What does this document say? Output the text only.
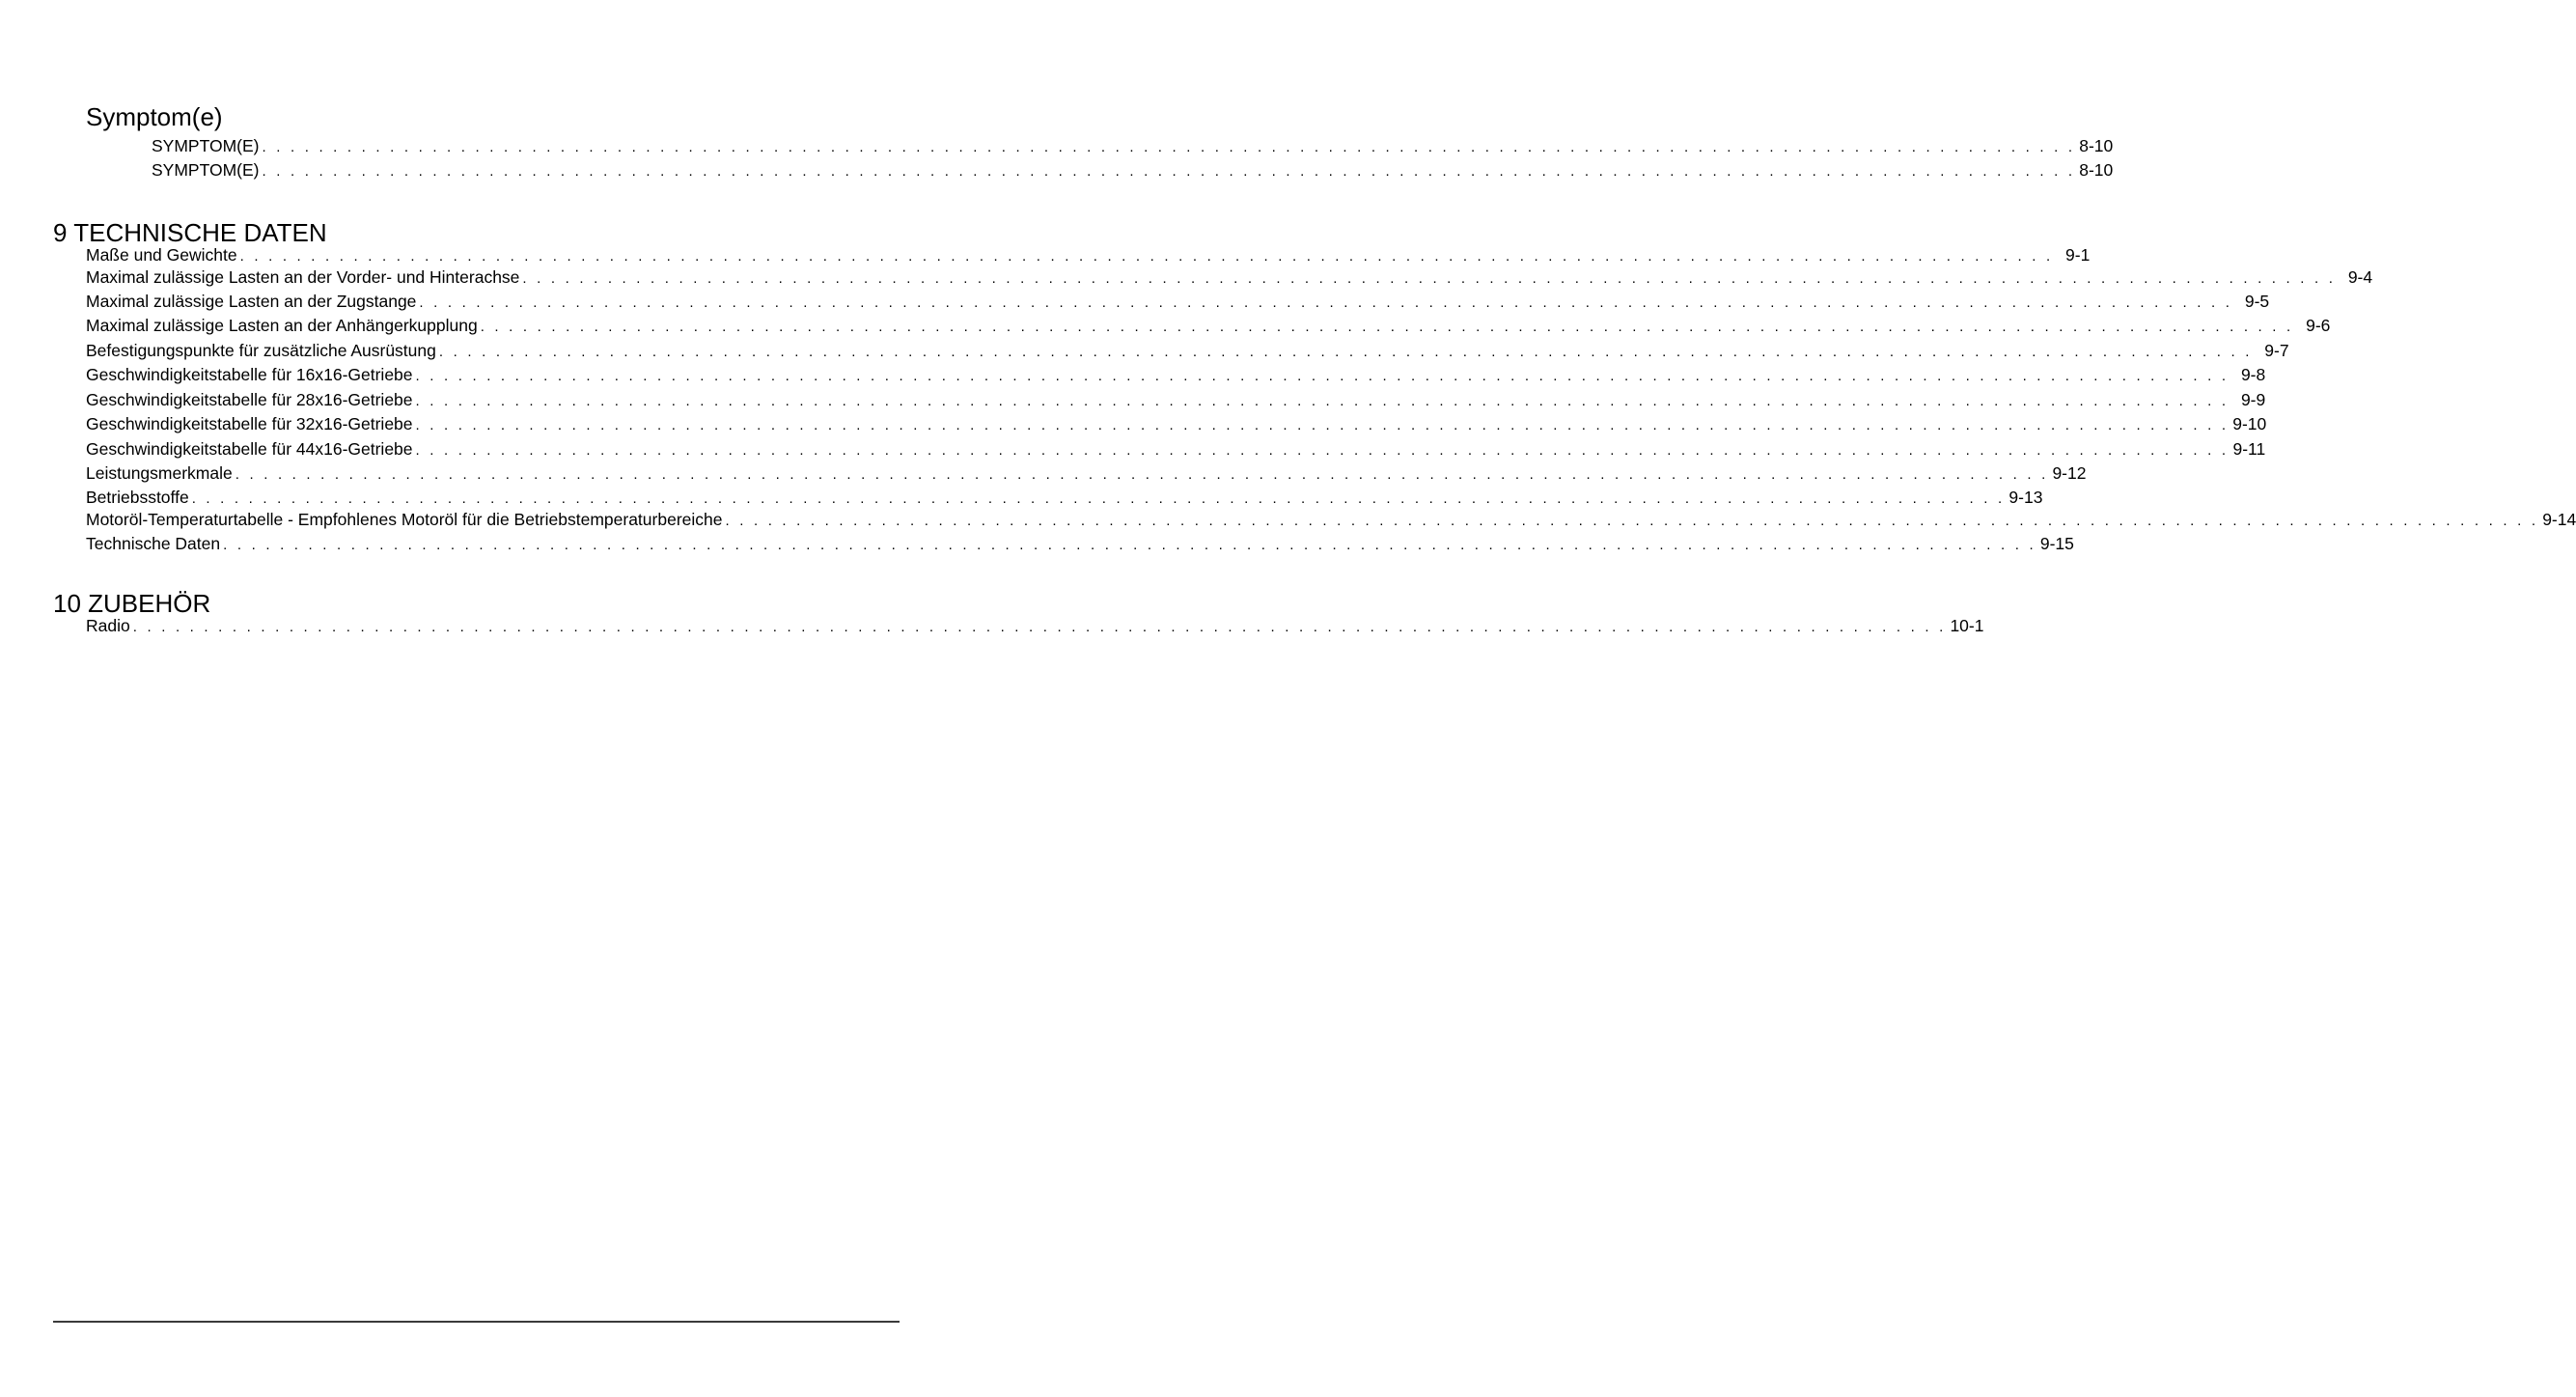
Symptom(e)
SYMPTOM(E) . . . . . . . . . . . . . . . . . . . . . . . . . . . . . . . . . . . . . . . . . . . . . . . . . . . . . . . . . . . . . . . . . . . . . . . . . . . . . . . . . . . . . . . . . . . . . . . . . . . . . . . . . . . . . . . . . . . . . . . . . . . . . . . . 8-10
SYMPTOM(E) . . . . . . . . . . . . . . . . . . . . . . . . . . . . . . . . . . . . . . . . . . . . . . . . . . . . . . . . . . . . . . . . . . . . . . . . . . . . . . . . . . . . . . . . . . . . . . . . . . . . . . . . . . . . . . . . . . . . . . . . . . . . . . . . 8-10
9 TECHNISCHE DATEN
Maße und Gewichte . . . . . . . . . . . . . . . . . . . . . . . . . . . . . . . . . . . . . . . . . . . . . . . . . . . . . . . . . . . . . . . . . . . . . . . . . . . . . . . . . . . . . . . . . . . . . . . . . . . . . . . . . . . . . . . . . . . . . . . . . . . . . . . . 9-1
Maximal zulässige Lasten an der Vorder- und Hinterachse . . . . . . . . . . . . . . . . . . . . . . . . . . . . . . . . . . . . . . . . . . . . . . . . . . . . . . . . . . . . . . . . . . . . . . . . . . . . . . . . . . . . . . . . . . . . . . . . . . . . . . . . . . . . . . . . . . . . . . . . . . . . . . . . 9-4
Maximal zulässige Lasten an der Zugstange . . . . . . . . . . . . . . . . . . . . . . . . . . . . . . . . . . . . . . . . . . . . . . . . . . . . . . . . . . . . . . . . . . . . . . . . . . . . . . . . . . . . . . . . . . . . . . . . . . . . . . . . . . . . . . . . . . . . . . . . . . . . . . . . 9-5
Maximal zulässige Lasten an der Anhängerkupplung . . . . . . . . . . . . . . . . . . . . . . . . . . . . . . . . . . . . . . . . . . . . . . . . . . . . . . . . . . . . . . . . . . . . . . . . . . . . . . . . . . . . . . . . . . . . . . . . . . . . . . . . . . . . . . . . . . . . . . . . . . . . . . . . 9-6
Befestigungspunkte für zusätzliche Ausrüstung . . . . . . . . . . . . . . . . . . . . . . . . . . . . . . . . . . . . . . . . . . . . . . . . . . . . . . . . . . . . . . . . . . . . . . . . . . . . . . . . . . . . . . . . . . . . . . . . . . . . . . . . . . . . . . . . . . . . . . . . . . . . . . . . 9-7
Geschwindigkeitstabelle für 16x16-Getriebe . . . . . . . . . . . . . . . . . . . . . . . . . . . . . . . . . . . . . . . . . . . . . . . . . . . . . . . . . . . . . . . . . . . . . . . . . . . . . . . . . . . . . . . . . . . . . . . . . . . . . . . . . . . . . . . . . . . . . . . . . . . . . . . . 9-8
Geschwindigkeitstabelle für 28x16-Getriebe . . . . . . . . . . . . . . . . . . . . . . . . . . . . . . . . . . . . . . . . . . . . . . . . . . . . . . . . . . . . . . . . . . . . . . . . . . . . . . . . . . . . . . . . . . . . . . . . . . . . . . . . . . . . . . . . . . . . . . . . . . . . . . . . 9-9
Geschwindigkeitstabelle für 32x16-Getriebe . . . . . . . . . . . . . . . . . . . . . . . . . . . . . . . . . . . . . . . . . . . . . . . . . . . . . . . . . . . . . . . . . . . . . . . . . . . . . . . . . . . . . . . . . . . . . . . . . . . . . . . . . . . . . . . . . . . . . . . . . . . . . . . . 9-10
Geschwindigkeitstabelle für 44x16-Getriebe . . . . . . . . . . . . . . . . . . . . . . . . . . . . . . . . . . . . . . . . . . . . . . . . . . . . . . . . . . . . . . . . . . . . . . . . . . . . . . . . . . . . . . . . . . . . . . . . . . . . . . . . . . . . . . . . . . . . . . . . . . . . . . . . 9-11
Leistungsmerkmale . . . . . . . . . . . . . . . . . . . . . . . . . . . . . . . . . . . . . . . . . . . . . . . . . . . . . . . . . . . . . . . . . . . . . . . . . . . . . . . . . . . . . . . . . . . . . . . . . . . . . . . . . . . . . . . . . . . . . . . . . . . . . . . . 9-12
Betriebsstoffe . . . . . . . . . . . . . . . . . . . . . . . . . . . . . . . . . . . . . . . . . . . . . . . . . . . . . . . . . . . . . . . . . . . . . . . . . . . . . . . . . . . . . . . . . . . . . . . . . . . . . . . . . . . . . . . . . . . . . . . . . . . . . . . . 9-13
Motoröl-Temperaturtabelle - Empfohlenes Motoröl für die Betriebstemperaturbereiche . . . . . . . . . . . . . . . . . . . . . . . . . . . . . . . . . . . . . . . . . . . . . . . . . . . . . . . . . . . . . . . . . . . . . . . . . . . . . . . . . . . . . . . . . . . . . . . . . . . . . . . . . . . . . . . . . . . . . . . . . . . . . . . . 9-14
Technische Daten . . . . . . . . . . . . . . . . . . . . . . . . . . . . . . . . . . . . . . . . . . . . . . . . . . . . . . . . . . . . . . . . . . . . . . . . . . . . . . . . . . . . . . . . . . . . . . . . . . . . . . . . . . . . . . . . . . . . . . . . . . . . . . . . 9-15
10 ZUBEHÖR
Radio . . . . . . . . . . . . . . . . . . . . . . . . . . . . . . . . . . . . . . . . . . . . . . . . . . . . . . . . . . . . . . . . . . . . . . . . . . . . . . . . . . . . . . . . . . . . . . . . . . . . . . . . . . . . . . . . . . . . . . . . . . . . . . . . 10-1
